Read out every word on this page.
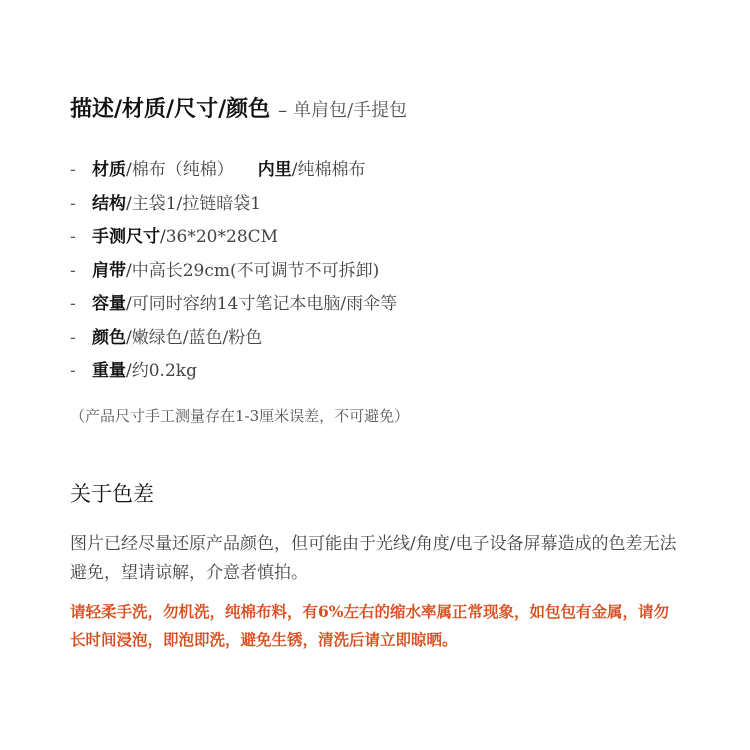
描述/材质/尺寸/颜色 – 单肩包/手提包
- 材质/棉布（纯棉） 内里/纯棉棉布
- 结构/主袋1/拉链暗袋1
- 手测尺寸/36*20*28CM
- 肩带/中高长29cm(不可调节不可拆卸)
- 容量/可同时容纳14寸笔记本电脑/雨伞等
- 颜色/嫩绿色/蓝色/粉色
- 重量/约0.2kg
（产品尺寸手工测量存在1-3厘米误差，不可避免）
关于色差
图片已经尽量还原产品颜色，但可能由于光线/角度/电子设备屏幕造成的色差无法避免，望请谅解，介意者慎拍。
请轻柔手洗，勿机洗，纯棉布料，有6%左右的缩水率属正常现象，如包包有金属，请勿长时间浸泡，即泡即洗，避免生锈，清洗后请立即晾晒。
